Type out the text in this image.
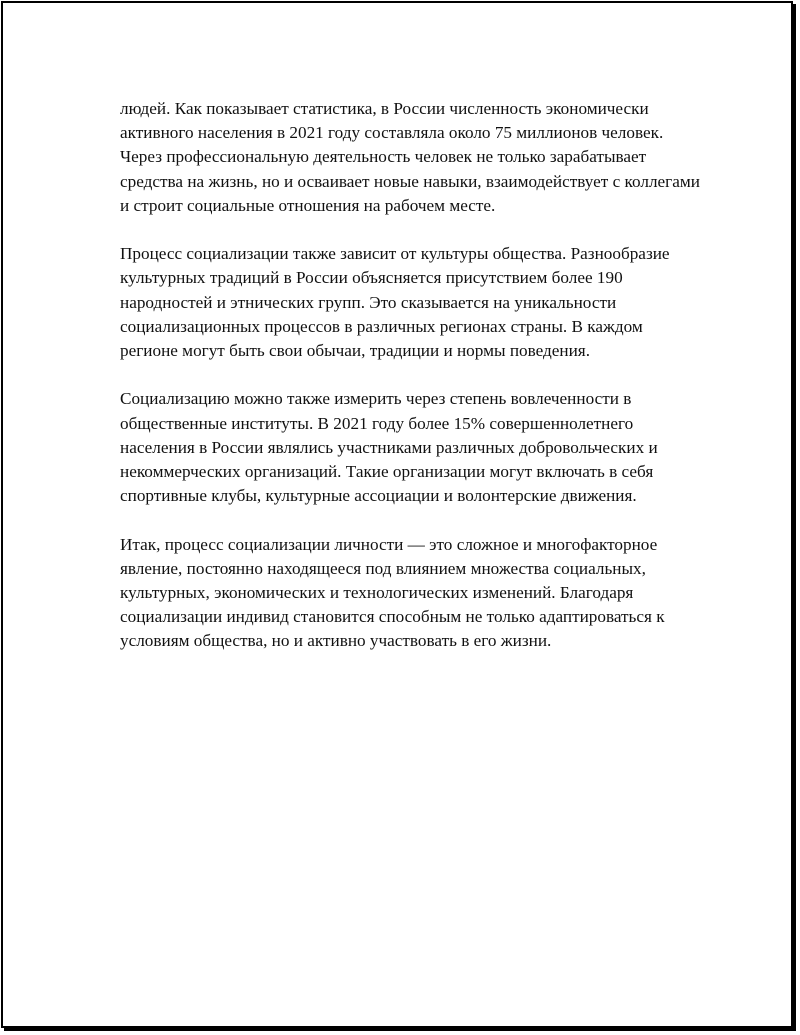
людей. Как показывает статистика, в России численность экономически активного населения в 2021 году составляла около 75 миллионов человек. Через профессиональную деятельность человек не только зарабатывает средства на жизнь, но и осваивает новые навыки, взаимодействует с коллегами и строит социальные отношения на рабочем месте.

Процесс социализации также зависит от культуры общества. Разнообразие культурных традиций в России объясняется присутствием более 190 народностей и этнических групп. Это сказывается на уникальности социализационных процессов в различных регионах страны. В каждом регионе могут быть свои обычаи, традиции и нормы поведения.

Социализацию можно также измерить через степень вовлеченности в общественные институты. В 2021 году более 15% совершеннолетнего населения в России являлись участниками различных добровольческих и некоммерческих организаций. Такие организации могут включать в себя спортивные клубы, культурные ассоциации и волонтерские движения.

Итак, процесс социализации личности — это сложное и многофакторное явление, постоянно находящееся под влиянием множества социальных, культурных, экономических и технологических изменений. Благодаря социализации индивид становится способным не только адаптироваться к условиям общества, но и активно участвовать в его жизни.
